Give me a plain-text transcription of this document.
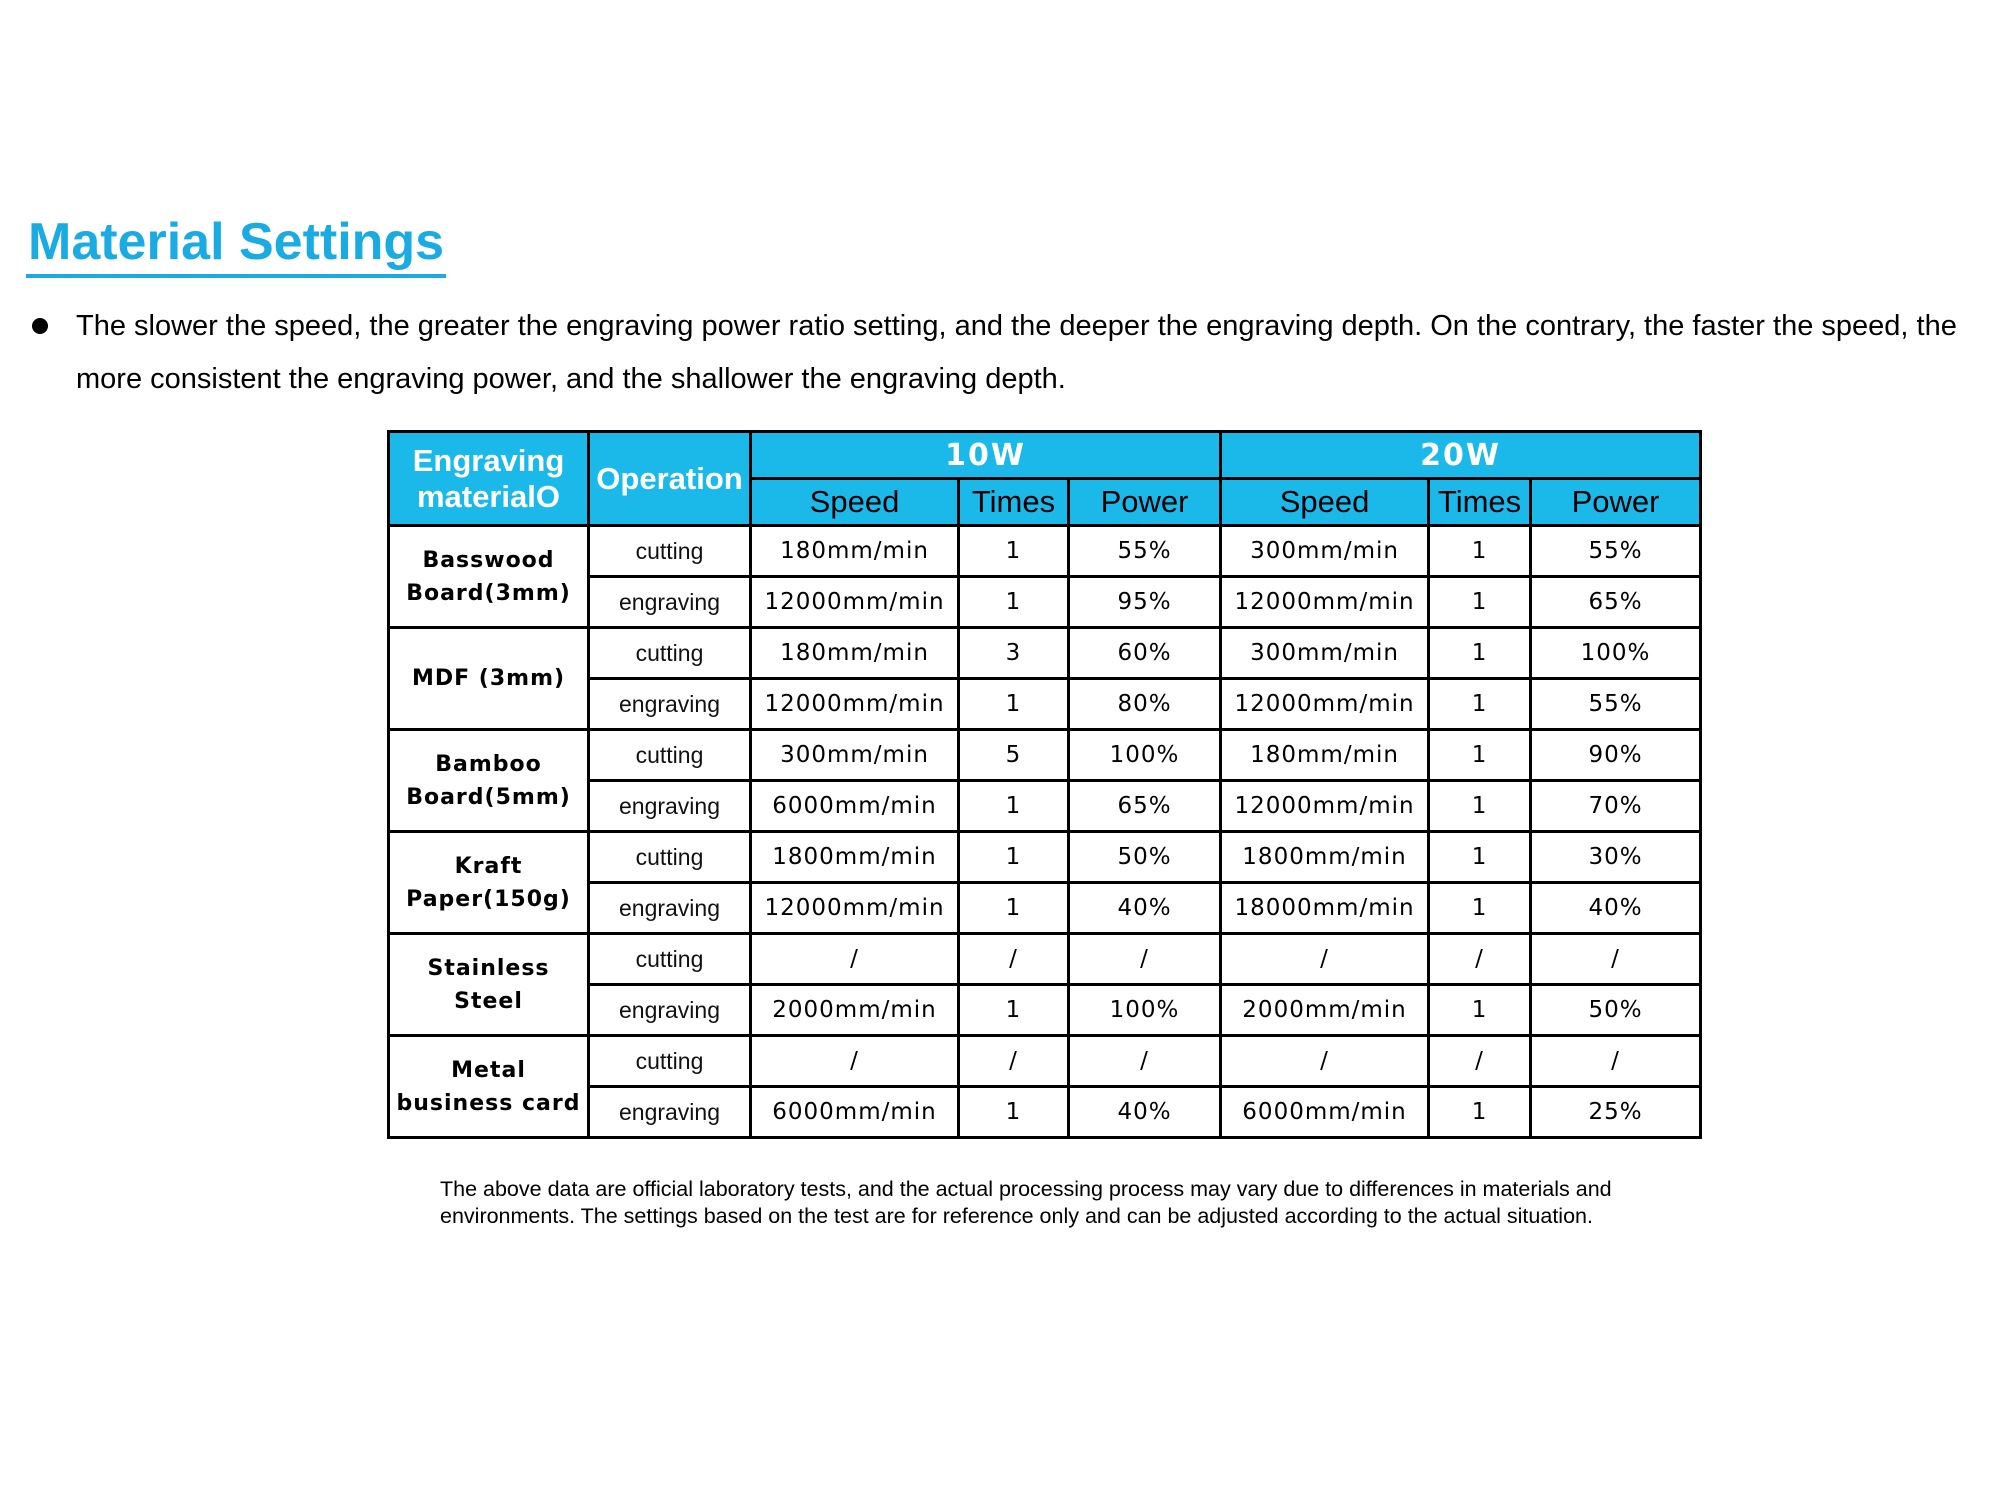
Material Settings
The slower the speed, the greater the engraving power ratio setting, and the deeper the engraving depth. On the contrary, the faster the speed, the more consistent the engraving power, and the shallower the engraving depth.
Engraving materialO	Operation	10W			20W		
		Speed	Times	Power	Speed	Times	Power
Basswood Board(3mm)	cutting	180mm/min	1	55%	300mm/min	1	55%
	engraving	12000mm/min	1	95%	12000mm/min	1	65%
MDF (3mm)	cutting	180mm/min	3	60%	300mm/min	1	100%
	engraving	12000mm/min	1	80%	12000mm/min	1	55%
Bamboo Board(5mm)	cutting	300mm/min	5	100%	180mm/min	1	90%
	engraving	6000mm/min	1	65%	12000mm/min	1	70%
Kraft Paper(150g)	cutting	1800mm/min	1	50%	1800mm/min	1	30%
	engraving	12000mm/min	1	40%	18000mm/min	1	40%
Stainless Steel	cutting	/	/	/	/	/	/
	engraving	2000mm/min	1	100%	2000mm/min	1	50%
Metal business card	cutting	/	/	/	/	/	/
	engraving	6000mm/min	1	40%	6000mm/min	1	25%
The above data are official laboratory tests, and the actual processing process may vary due to differences in materials and environments. The settings based on the test are for reference only and can be adjusted according to the actual situation.
